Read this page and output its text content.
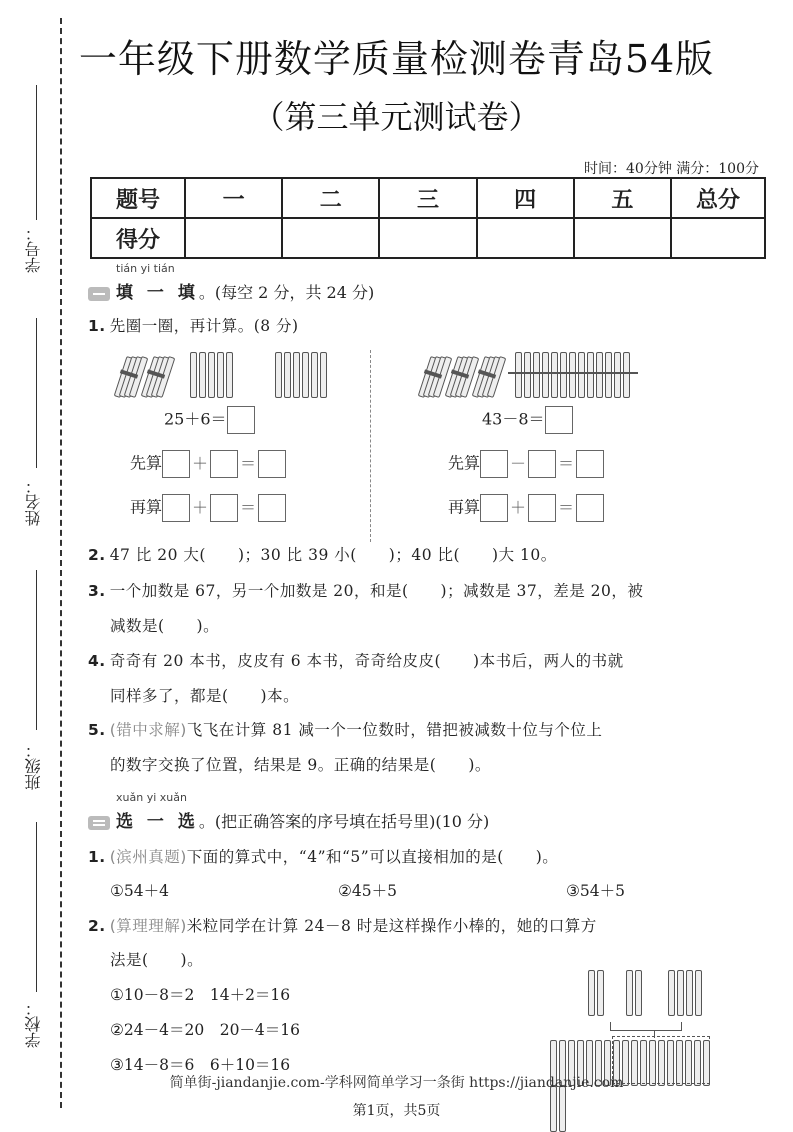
学号：
姓名：
班级：
学校：
一年级下册数学质量检测卷青岛54版
（第三单元测试卷）
时间：40分钟 满分：100分
题号	一	二	三	四	五	总分
得分						
tián yi tián
填 一 填。(每空 2 分，共 24 分)
1. 先圈一圈，再计算。(8 分)

25＋6＝
先算 ＋ ＝
再算 ＋ ＝

43－8＝
先算 － ＝
再算 ＋ ＝
2. 47 比 20 大(　　)；30 比 39 小(　　)；40 比(　　)大 10。
3. 一个加数是 67，另一个加数是 20，和是(　　)；减数是 37，差是 20，被
减数是(　　)。
4. 奇奇有 20 本书，皮皮有 6 本书，奇奇给皮皮(　　)本书后，两人的书就
同样多了，都是(　　)本。
5. (错中求解)飞飞在计算 81 减一个一位数时，错把被减数十位与个位上
的数字交换了位置，结果是 9。正确的结果是(　　)。
xuǎn yi xuǎn
选 一 选。(把正确答案的序号填在括号里)(10 分)
1. (滨州真题)下面的算式中，“4”和“5”可以直接相加的是(　　)。
①54＋4	②45＋5	③54＋5
2. (算理理解)米粒同学在计算 24－8 时是这样操作小棒的，她的口算方
法是(　　)。
①10－8＝2　14＋2＝16
②24－4＝20　20－4＝16
③14－8＝6　6＋10＝16

简单街-jiandanjie.com-学科网简单学习一条街 https://jiandanjie.com
第1页，共5页
